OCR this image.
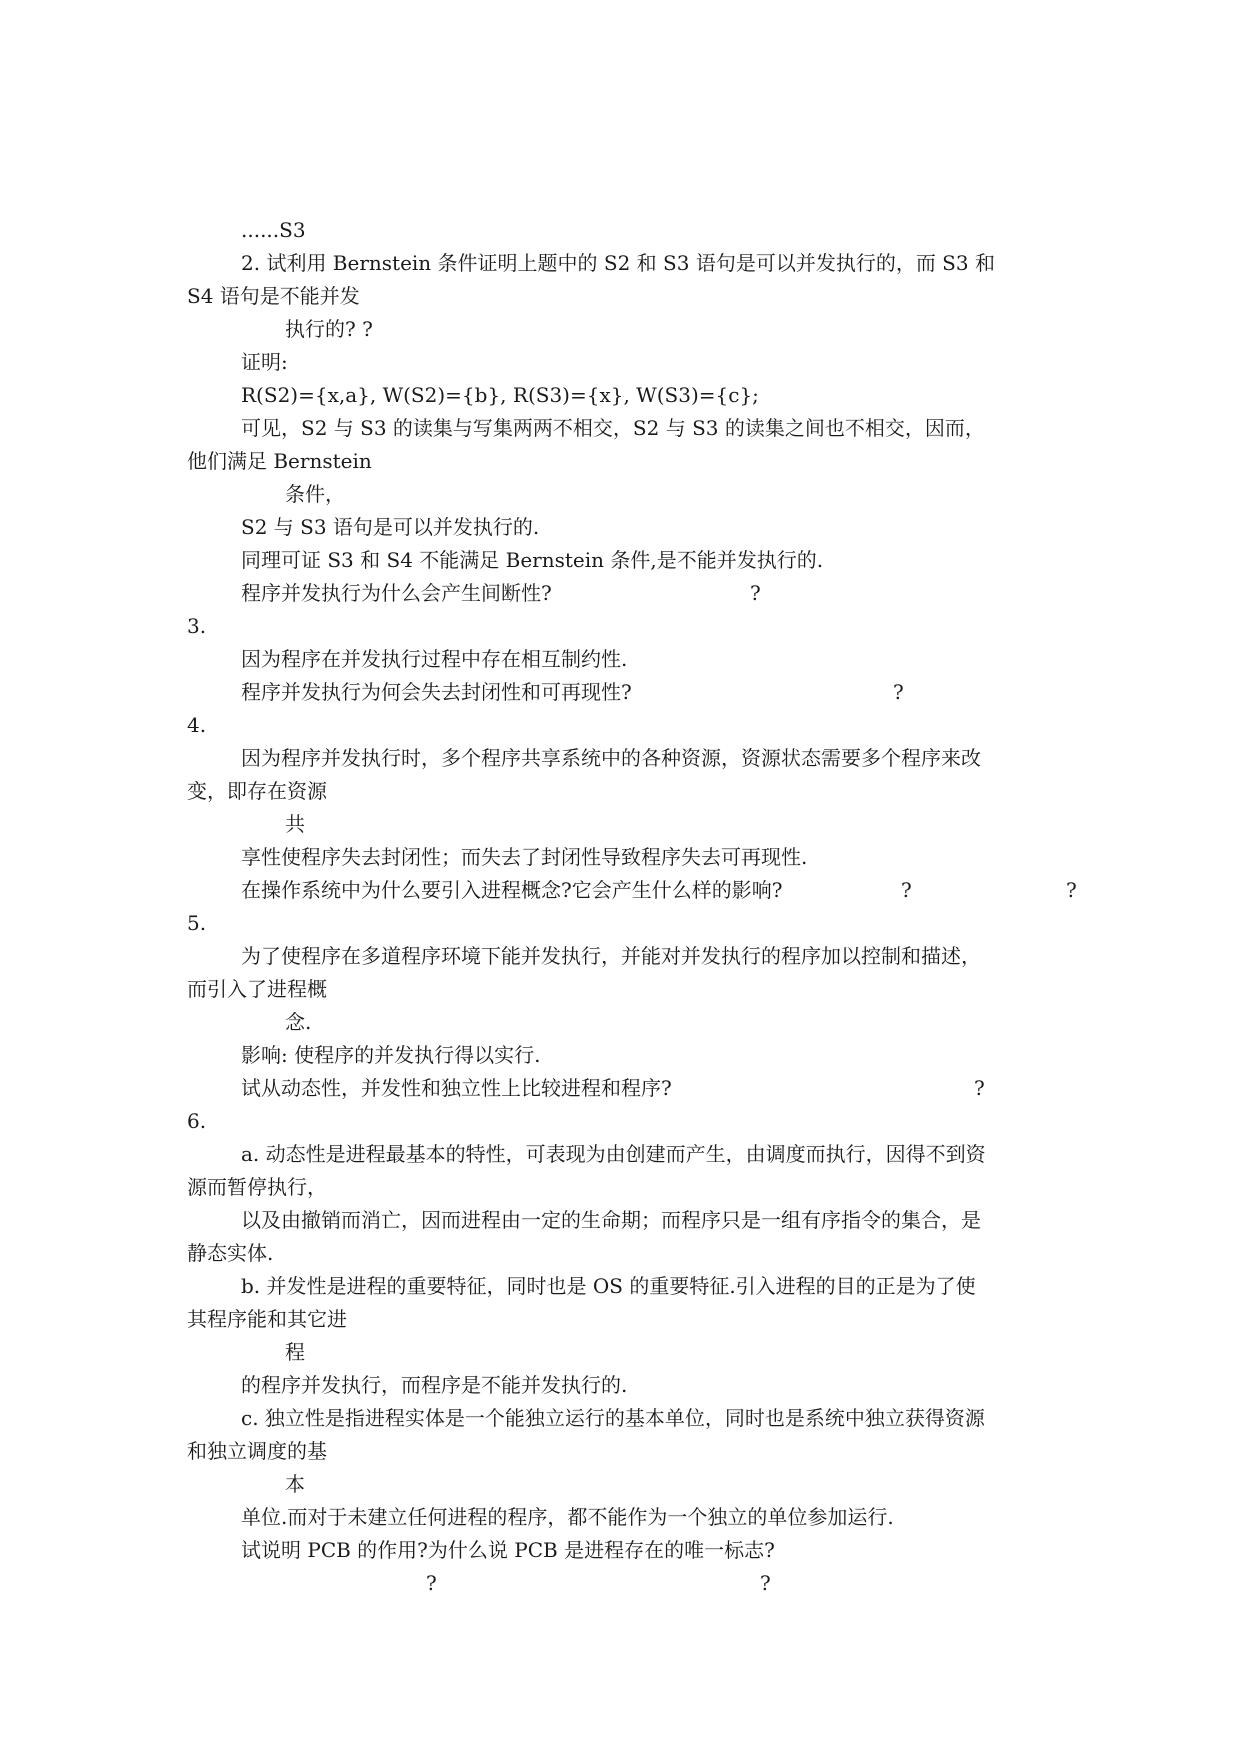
......S3
2. 试利用 Bernstein 条件证明上题中的 S2 和 S3 语句是可以并发执行的，而 S3 和
S4 语句是不能并发
执行的? ?
证明:
R(S2)={x,a}, W(S2)={b}, R(S3)={x}, W(S3)={c};
可见，S2 与 S3 的读集与写集两两不相交，S2 与 S3 的读集之间也不相交，因而，
他们满足 Bernstein
条件，
S2 与 S3 语句是可以并发执行的.
同理可证 S3 和 S4 不能满足 Bernstein 条件,是不能并发执行的.
程序并发执行为什么会产生间断性?	?
3.
因为程序在并发执行过程中存在相互制约性.
程序并发执行为何会失去封闭性和可再现性?	?
4.
因为程序并发执行时，多个程序共享系统中的各种资源，资源状态需要多个程序来改
变，即存在资源
共
享性使程序失去封闭性；而失去了封闭性导致程序失去可再现性.
在操作系统中为什么要引入进程概念?它会产生什么样的影响?	?	?
5.
为了使程序在多道程序环境下能并发执行，并能对并发执行的程序加以控制和描述，
而引入了进程概
念.
影响: 使程序的并发执行得以实行.
试从动态性，并发性和独立性上比较进程和程序?	?
6.
a. 动态性是进程最基本的特性，可表现为由创建而产生，由调度而执行，因得不到资
源而暂停执行，
以及由撤销而消亡，因而进程由一定的生命期；而程序只是一组有序指令的集合，是
静态实体.
b. 并发性是进程的重要特征，同时也是 OS 的重要特征.引入进程的目的正是为了使
其程序能和其它进
程
的程序并发执行，而程序是不能并发执行的.
c. 独立性是指进程实体是一个能独立运行的基本单位，同时也是系统中独立获得资源
和独立调度的基
本
单位.而对于未建立任何进程的程序，都不能作为一个独立的单位参加运行.
试说明 PCB 的作用?为什么说 PCB 是进程存在的唯一标志?
?	?
